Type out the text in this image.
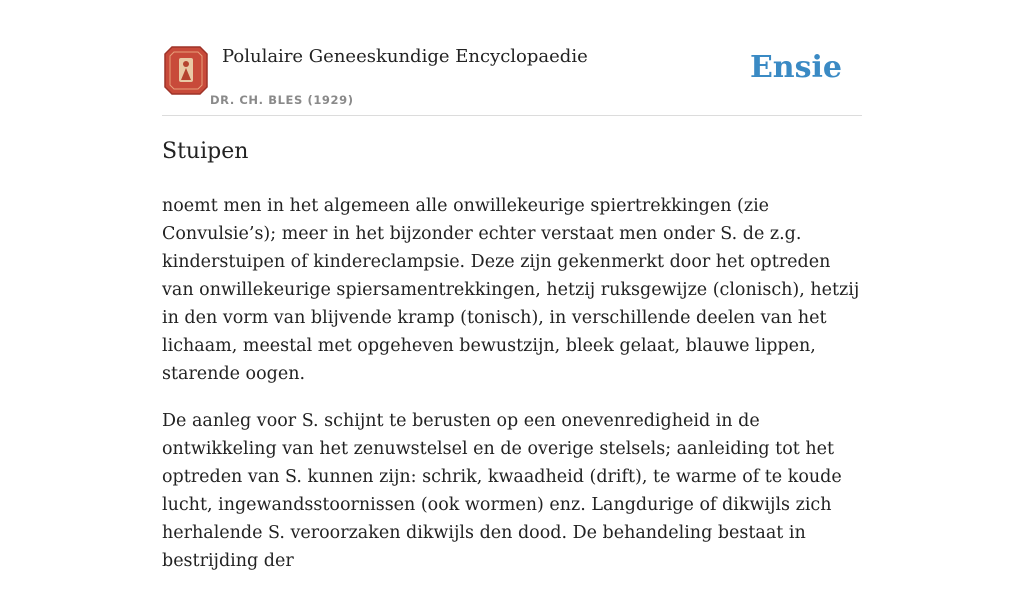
Polulaire Geneeskundige Encyclopaedie
DR. CH. BLES (1929)
Ensie
Stuipen

noemt men in het algemeen alle onwillekeurige spiertrekkingen (zie Convulsie’s); meer in het bijzonder echter verstaat men onder S. de z.g. kinderstuipen of kindereclampsie. Deze zijn gekenmerkt door het optreden van onwillekeurige spiersamentrekkingen, hetzij ruksgewijze (clonisch), hetzij in den vorm van blijvende kramp (tonisch), in verschillende deelen van het lichaam, meestal met opgeheven bewustzijn, bleek gelaat, blauwe lippen, starende oogen.

De aanleg voor S. schijnt te berusten op een onevenredigheid in de ontwikkeling van het zenuwstelsel en de overige stelsels; aanleiding tot het optreden van S. kunnen zijn: schrik, kwaadheid (drift), te warme of te koude lucht, ingewandsstoornissen (ook wormen) enz. Langdurige of dikwijls zich herhalende S. veroorzaken dikwijls den dood. De behandeling bestaat in bestrijding der
